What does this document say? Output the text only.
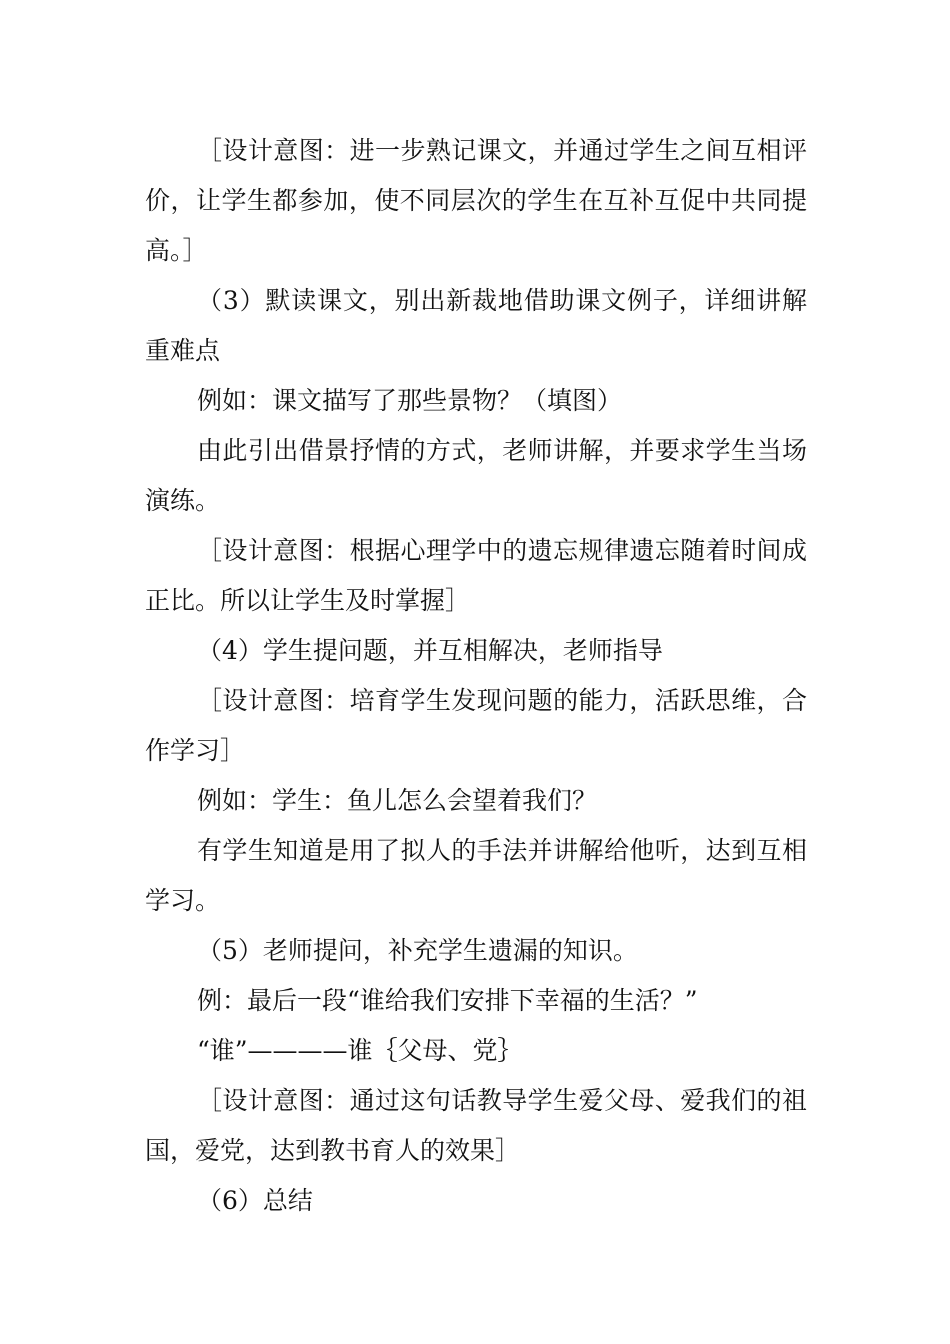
［设计意图：进一步熟记课文，并通过学生之间互相评价，让学生都参加，使不同层次的学生在互补互促中共同提高。］

（3）默读课文，别出新裁地借助课文例子，详细讲解重难点

例如：课文描写了那些景物？（填图）

由此引出借景抒情的方式，老师讲解，并要求学生当场演练。

［设计意图：根据心理学中的遗忘规律遗忘随着时间成正比。所以让学生及时掌握］

（4）学生提问题，并互相解决，老师指导

［设计意图：培育学生发现问题的能力，活跃思维，合作学习］

例如：学生：鱼儿怎么会望着我们？

有学生知道是用了拟人的手法并讲解给他听，达到互相学习。

（5）老师提问，补充学生遗漏的知识。

例：最后一段“谁给我们安排下幸福的生活？”

“谁”————谁｛父母、党｝

［设计意图：通过这句话教导学生爱父母、爱我们的祖国，爱党，达到教书育人的效果］

（6）总结
